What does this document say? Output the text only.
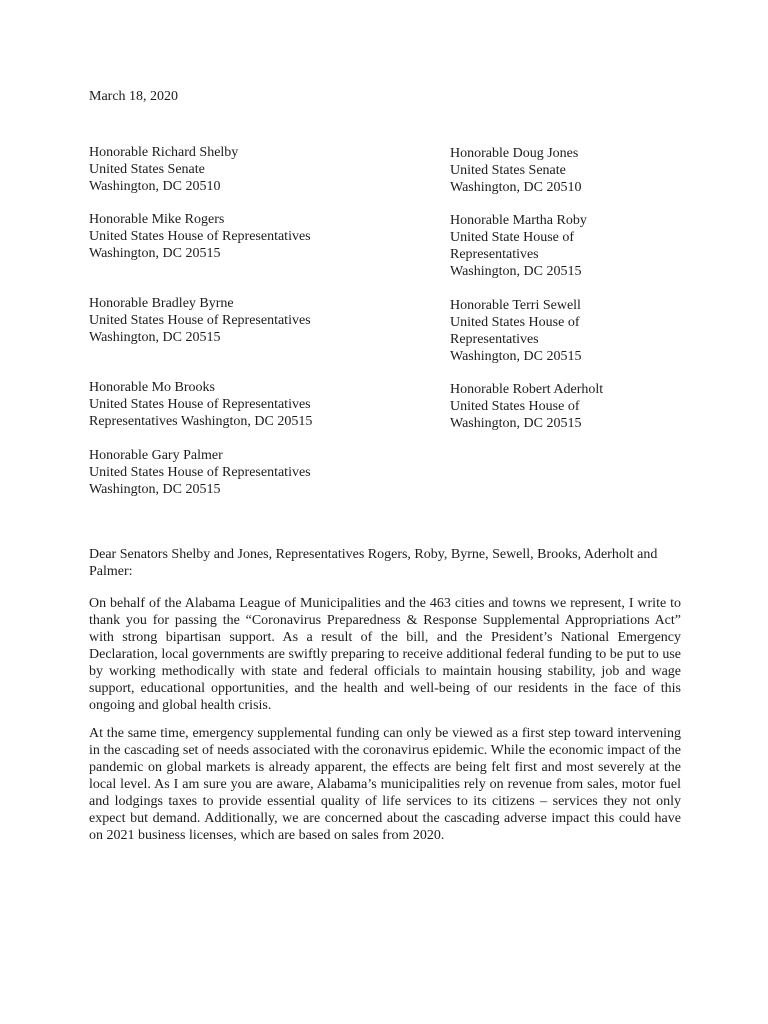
March 18, 2020
Honorable Richard Shelby
United States Senate
Washington, DC 20510
Honorable Mike Rogers
United States House of Representatives
Washington, DC 20515
Honorable Bradley Byrne
United States House of Representatives
Washington, DC 20515
Honorable Mo Brooks
United States House of Representatives
Representatives Washington, DC 20515
Honorable Gary Palmer
United States House of Representatives
Washington, DC 20515
Honorable Doug Jones
United States Senate
Washington, DC 20510
Honorable Martha Roby
United State House of
Representatives
Washington, DC 20515
Honorable Terri Sewell
United States House of
Representatives
Washington, DC 20515
Honorable Robert Aderholt
United States House of
Washington, DC 20515
Dear Senators Shelby and Jones, Representatives Rogers, Roby, Byrne, Sewell, Brooks, Aderholt and Palmer:

On behalf of the Alabama League of Municipalities and the 463 cities and towns we represent, I write to thank you for passing the “Coronavirus Preparedness & Response Supplemental Appropriations Act” with strong bipartisan support. As a result of the bill, and the President’s National Emergency Declaration, local governments are swiftly preparing to receive additional federal funding to be put to use by working methodically with state and federal officials to maintain housing stability, job and wage support, educational opportunities, and the health and well-being of our residents in the face of this ongoing and global health crisis.

At the same time, emergency supplemental funding can only be viewed as a first step toward intervening in the cascading set of needs associated with the coronavirus epidemic. While the economic impact of the pandemic on global markets is already apparent, the effects are being felt first and most severely at the local level. As I am sure you are aware, Alabama’s municipalities rely on revenue from sales, motor fuel and lodgings taxes to provide essential quality of life services to its citizens – services they not only expect but demand. Additionally, we are concerned about the cascading adverse impact this could have on 2021 business licenses, which are based on sales from 2020.
